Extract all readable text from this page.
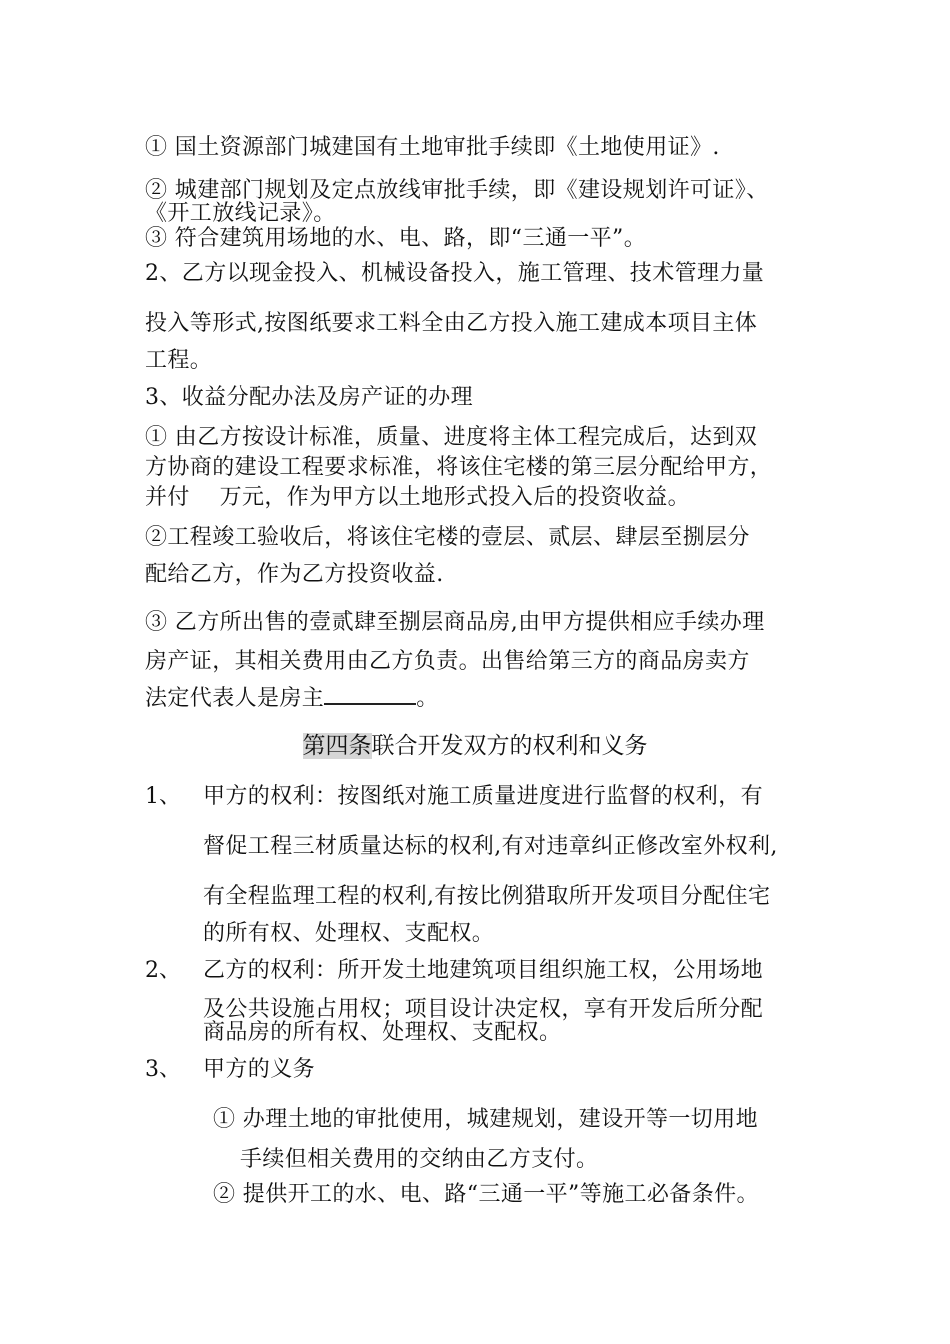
① 国土资源部门城建国有土地审批手续即《土地使用证》.
② 城建部门规划及定点放线审批手续，即《建设规划许可证》、
《开工放线记录》。
③ 符合建筑用场地的水、电、路，即“三通一平”。
2、乙方以现金投入、机械设备投入，施工管理、技术管理力量
投入等形式,按图纸要求工料全由乙方投入施工建成本项目主体
工程。
3、收益分配办法及房产证的办理
① 由乙方按设计标准，质量、进度将主体工程完成后，达到双
方协商的建设工程要求标准，将该住宅楼的第三层分配给甲方，
并付　 万元，作为甲方以土地形式投入后的投资收益。
②工程竣工验收后，将该住宅楼的壹层、贰层、肆层至捌层分
配给乙方，作为乙方投资收益.
③ 乙方所出售的壹贰肆至捌层商品房,由甲方提供相应手续办理
房产证，其相关费用由乙方负责。出售给第三方的商品房卖方
法定代表人是房主	。
第四条联合开发双方的权利和义务
1、 甲方的权利：按图纸对施工质量进度进行监督的权利，有
督促工程三材质量达标的权利,有对违章纠正修改室外权利,
有全程监理工程的权利,有按比例猎取所开发项目分配住宅
的所有权、处理权、支配权。
2、 乙方的权利：所开发土地建筑项目组织施工权，公用场地
及公共设施占用权；项目设计决定权，享有开发后所分配
商品房的所有权、处理权、支配权。
3、 甲方的义务
① 办理土地的审批使用，城建规划，建设开等一切用地
手续但相关费用的交纳由乙方支付。
② 提供开工的水、电、路“三通一平”等施工必备条件。
